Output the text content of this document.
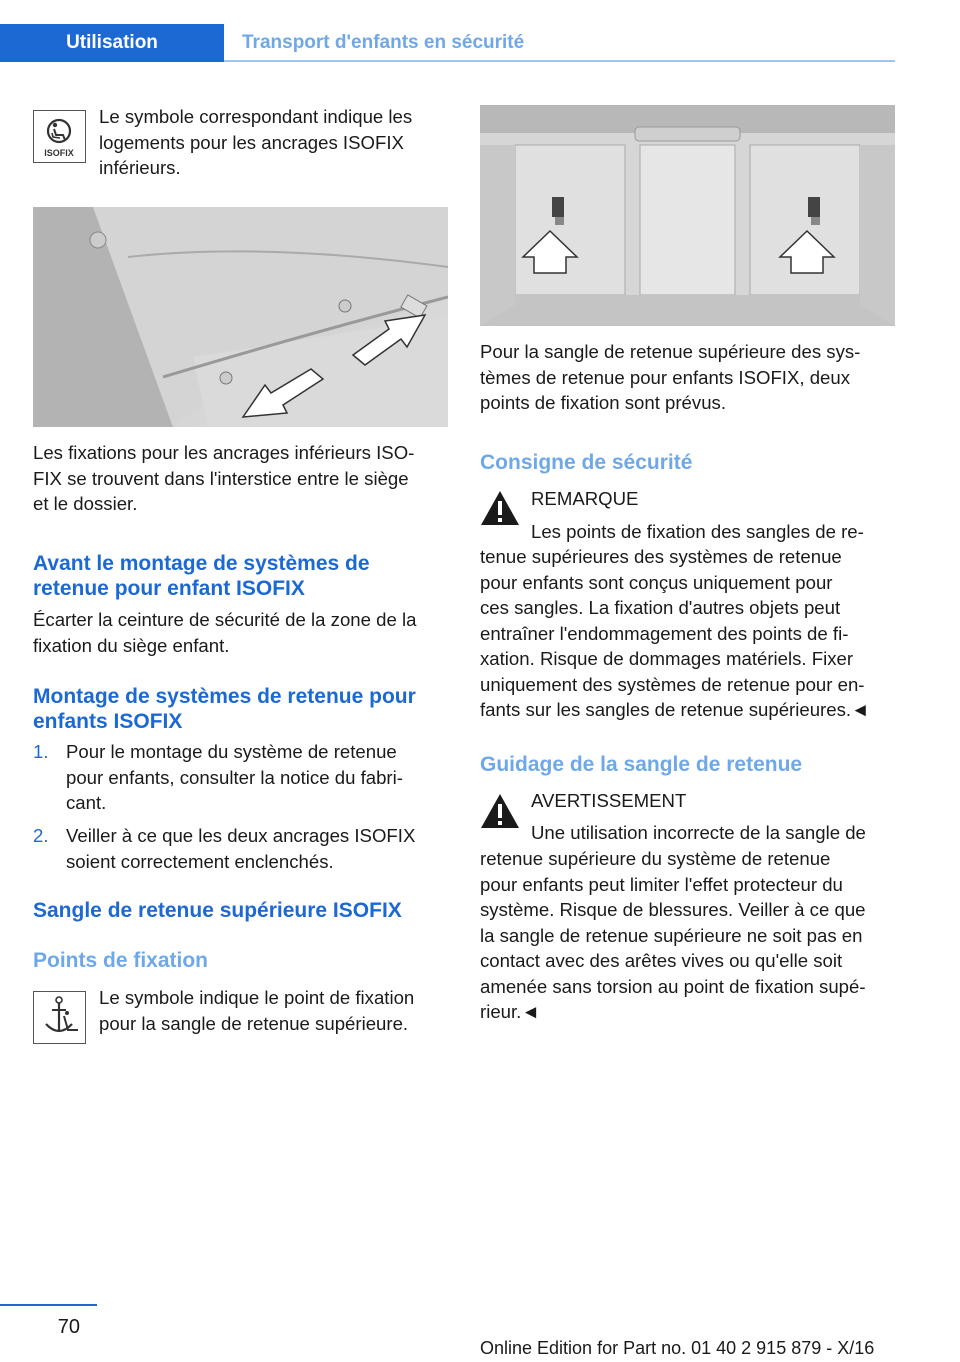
Utilisation	Transport d'enfants en sécurité
ISOFIX

Le symbole correspondant indique les

logements pour les ancrages ISOFIX

inférieurs.

Les fixations pour les ancrages inférieurs ISO-

FIX se trouvent dans l'interstice entre le siège

et le dossier.

Avant le montage de systèmes de

retenue pour enfant ISOFIX

Écarter la ceinture de sécurité de la zone de la

fixation du siège enfant.

Montage de systèmes de retenue pour

enfants ISOFIX

1. Pour le montage du système de retenue

pour enfants, consulter la notice du fabri-

cant.

2. Veiller à ce que les deux ancrages ISOFIX

soient correctement enclenchés.

Sangle de retenue supérieure ISOFIX

Points de fixation

Le symbole indique le point de fixation

pour la sangle de retenue supérieure.

Pour la sangle de retenue supérieure des sys-

tèmes de retenue pour enfants ISOFIX, deux

points de fixation sont prévus.

Consigne de sécurité

REMARQUE

Les points de fixation des sangles de re-

tenue supérieures des systèmes de retenue

pour enfants sont conçus uniquement pour

ces sangles. La fixation d'autres objets peut

entraîner l'endommagement des points de fi-

xation. Risque de dommages matériels. Fixer

uniquement des systèmes de retenue pour en-

fants sur les sangles de retenue supérieures.◄

Guidage de la sangle de retenue

AVERTISSEMENT

Une utilisation incorrecte de la sangle de

retenue supérieure du système de retenue

pour enfants peut limiter l'effet protecteur du

système. Risque de blessures. Veiller à ce que

la sangle de retenue supérieure ne soit pas en

contact avec des arêtes vives ou qu'elle soit

amenée sans torsion au point de fixation supé-

rieur.◄

70
Online Edition for Part no. 01 40 2 915 879 - X/16
